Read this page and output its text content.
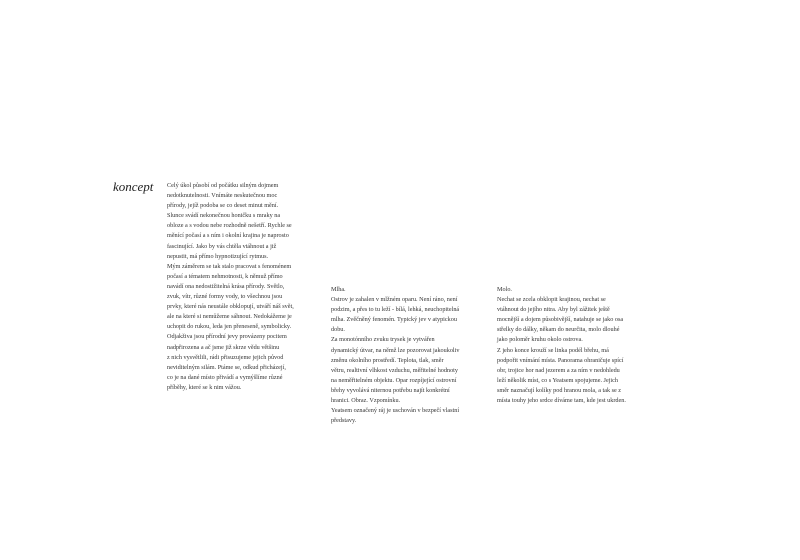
koncept Celý úkol působí od počátku silným dojmem
nedotknutelnosti. Vnímáte neskutečnou moc
přírody, jejíž podoba se co deset minut mění.
Slunce svádí nekonečnou honičku s mraky na
obloze a s vodou nebe rozhodně nešetří. Rychle se
měnící počasí a s ním i okolní krajina je naprosto
fascinující. Jako by vás chtěla vtáhnout a již
nepustit, má přímo hypnotizující rytmus.

Mým záměrem se tak stalo pracovat s fenoménem
počasí a tématem nehmotnosti, k němuž přímo
navádí ona nedostižitelná krása přírody. Světlo,
zvuk, vítr, různé formy vody, to všechnou jsou
prvky, které nás neustále obklopují, utváří náš svět,
ale na které si nemůžeme sáhnout. Nedokážeme je
uchopit do rukou, leda jen přeneseně, symbolicky.
Odjakživa jsou přírodní jevy provázeny pocitem
nadpřirozena a ač jsme již skrze vědu většinu
z nich vysvětlili, rádi přisuzujeme jejich původ
neviditelným silám. Ptáme se, odkud přicházejí,
co je na dané místo přivádí a vymýšlíme různé
příběhy, které se k nim vážou.

Mlha.

Ostrov je zahalen v mlžném oparu. Není ráno, není
podzim, a přes to tu leží - bílá, lehká, neuchopitelná
mlha. Zvěčněný fenomén. Typický jev v atypickou
dobu.

Za monotónního zvuku trysek je vytvářen
dynamický útvar, na němž lze pozorovat jakoukoliv
změnu okolního prostředí. Teplota, tlak, směr
větru, realtivní vlhkost vzduchu, měřitelné hodnoty
na neměřitelném objektu. Opar rozpíjející ostrovní
břehy vyvolává niternou potřebu najít konkrétní
hranici. Obraz. Vzpomínku.

Yeatsem označený ráj je uschován v bezpečí vlastní
představy.

Molo.

Nechat se zcela obklopit krajinou, nechat se
vtáhnout do jejího nitra. Aby byl zážitek ještě
mocnější a dojem působivější, natahuje se jako osa
střelky do dálky, někam do neurčita, molo dlouhé
jako poloměr kruhu okolo ostrova.

Z jeho konce krouží se linka podél břehu, má
podpořit vnímání místa. Panorama ohraničuje spící
obr, trojice hor nad jezerem a za ním v nedohledu
leží několik míst, co s Yeatsem spojujeme. Jejich
směr naznačují kolíky pod hranou mola, a tak se z
místa touhy jeho srdce díváme tam, kde jest ukrden.
